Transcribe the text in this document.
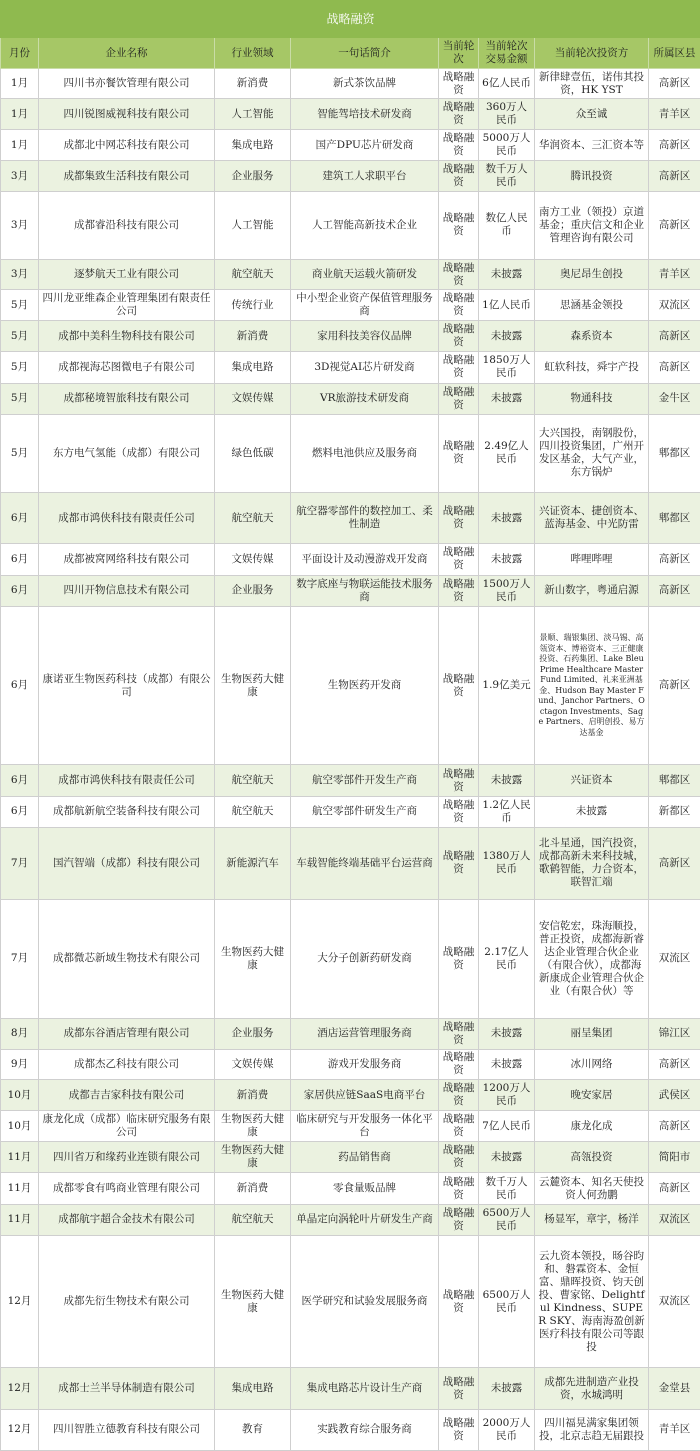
战略融资							
月份	企业名称	行业领域	一句话简介	当前轮次	当前轮次交易金额	当前轮次投资方	所属区县
1月	四川书亦餐饮管理有限公司	新消费	新式茶饮品牌	战略融资	6亿人民币	新律肆壹伍，诺伟其投资，HK YST	高新区
1月	四川锐图威视科技有限公司	人工智能	智能驾培技术研发商	战略融资	360万人民币	众至诚	青羊区
1月	成都北中网芯科技有限公司	集成电路	国产DPU芯片研发商	战略融资	5000万人民币	华润资本、三汇资本等	高新区
3月	成都集致生活科技有限公司	企业服务	建筑工人求职平台	战略融资	数千万人民币	腾讯投资	高新区
3月	成都睿沿科技有限公司	人工智能	人工智能高新技术企业	战略融资	数亿人民币	南方工业（领投）京道基金；重庆信文和企业管理咨询有限公司	高新区
3月	逐梦航天工业有限公司	航空航天	商业航天运载火箭研发	战略融资	未披露	奥尼昂生创投	青羊区
5月	四川龙亚维森企业管理集团有限责任公司	传统行业	中小型企业资产保值管理服务商	战略融资	1亿人民币	思涵基金领投	双流区
5月	成都中美科生物科技有限公司	新消费	家用科技美容仪品牌	战略融资	未披露	森系资本	高新区
5月	成都视海芯图微电子有限公司	集成电路	3D视觉AI芯片研发商	战略融资	1850万人民币	虹软科技，舜宇产投	高新区
5月	成都秘境智旅科技有限公司	文娱传媒	VR旅游技术研发商	战略融资	未披露	物通科技	金牛区
5月	东方电气氢能（成都）有限公司	绿色低碳	燃料电池供应及服务商	战略融资	2.49亿人民币	大兴国投，南钢股份，四川投资集团，广州开发区基金，大气产业，东方锅炉	郫都区
6月	成都市鸿侠科技有限责任公司	航空航天	航空器零部件的数控加工、柔性制造	战略融资	未披露	兴证资本、捷创资本、蓝海基金、中光防雷	郫都区
6月	成都被窝网络科技有限公司	文娱传媒	平面设计及动漫游戏开发商	战略融资	未披露	哔哩哔哩	高新区
6月	四川开物信息技术有限公司	企业服务	数字底座与物联运能技术服务商	战略融资	1500万人民币	新山数字，粤通启源	高新区
6月	康诺亚生物医药科技（成都）有限公司	生物医药大健康	生物医药开发商	战略融资	1.9亿美元	景顺、瑞银集团、淡马锡、高瓴资本、博裕资本、三正健康投资、石药集团、Lake Bleu Prime Healthcare Master Fund Limited、礼来亚洲基金、Hudson Bay Master Fund、Janchor Partners、Octagon Investments、Sage Partners、启明创投、易方达基金	高新区
6月	成都市鸿侠科技有限责任公司	航空航天	航空零部件开发生产商	战略融资	未披露	兴证资本	郫都区
6月	成都航新航空装备科技有限公司	航空航天	航空零部件研发生产商	战略融资	1.2亿人民币	未披露	新都区
7月	国汽智端（成都）科技有限公司	新能源汽车	车载智能终端基础平台运营商	战略融资	1380万人民币	北斗星通，国汽投资，成都高新未来科技城，歌鹤智能，力合资本，联智汇端	高新区
7月	成都微芯新域生物技术有限公司	生物医药大健康	大分子创新药研发商	战略融资	2.17亿人民币	安信乾宏，珠海顺投，普正投资，成都海新睿达企业管理合伙企业（有限合伙），成都海新康成企业管理合伙企业（有限合伙）等	双流区
8月	成都东谷酒店管理有限公司	企业服务	酒店运营管理服务商	战略融资	未披露	丽呈集团	锦江区
9月	成都杰乙科技有限公司	文娱传媒	游戏开发服务商	战略融资	未披露	冰川网络	高新区
10月	成都吉吉家科技有限公司	新消费	家居供应链SaaS电商平台	战略融资	1200万人民币	晚安家居	武侯区
10月	康龙化成（成都）临床研究服务有限公司	生物医药大健康	临床研究与开发服务一体化平台	战略融资	7亿人民币	康龙化成	高新区
11月	四川省万和缘药业连锁有限公司	生物医药大健康	药品销售商	战略融资	未披露	高瓴投资	简阳市
11月	成都零食有鸣商业管理有限公司	新消费	零食量贩品牌	战略融资	数千万人民币	云麓资本、知名天使投资人何劲鹏	高新区
11月	成都航宇超合金技术有限公司	航空航天	单晶定向涡轮叶片研发生产商	战略融资	6500万人民币	杨显军，章宇，杨洋	双流区
12月	成都先衍生物技术有限公司	生物医药大健康	医学研究和试验发展服务商	战略融资	6500万人民币	云九资本领投，旸谷昀和、磐霖资本、金恒富、鼎晖投资、钧天创投、曹家铭、Delightful Kindness、SUPER SKY、海南海盈创新医疗科技有限公司等跟投	双流区
12月	成都士兰半导体制造有限公司	集成电路	集成电路芯片设计生产商	战略融资	未披露	成都先进制造产业投资，水城鸿明	金堂县
12月	四川智胜立德教育科技有限公司	教育	实践教育综合服务商	战略融资	2000万人民币	四川福晃满家集团领投，北京志趋无届跟投	青羊区
